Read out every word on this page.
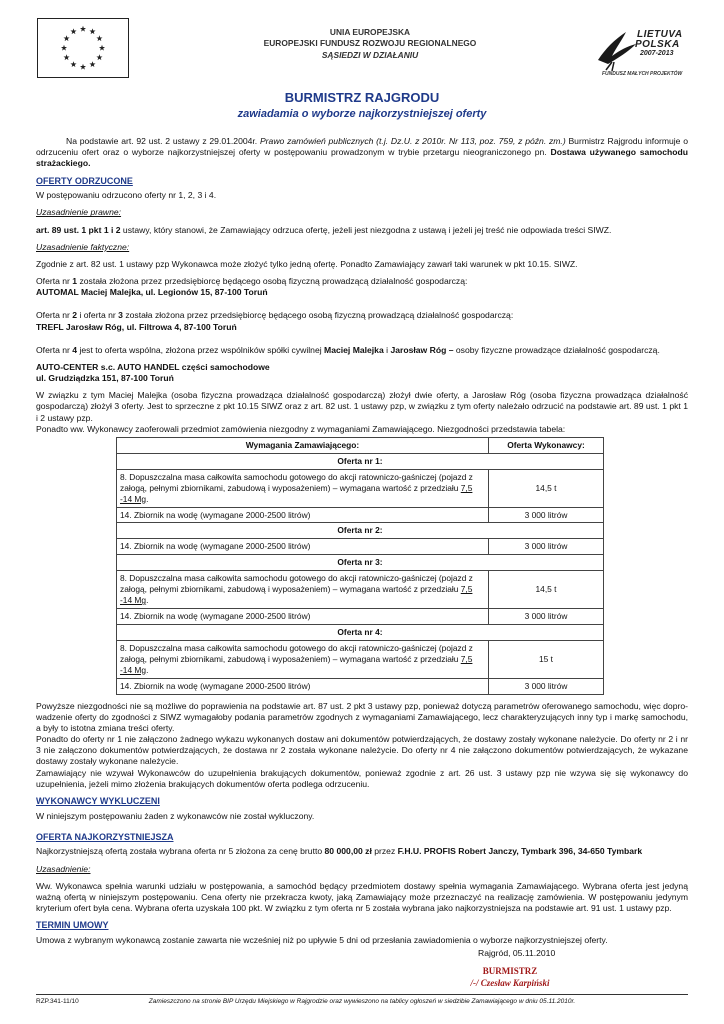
UNIA EUROPEJSKA
EUROPEJSKI FUNDUSZ ROZWOJU REGIONALNEGO
SĄSIEDZI W DZIAŁANIU
LIETUVA
POLSKA
2007-2013
FUNDUSZ MAŁYCH PROJEKTÓW
BURMISTRZ RAJGRODU
zawiadamia o wyborze najkorzystniejszej oferty

Na podstawie art. 92 ust. 2 ustawy z 29.01.2004r. Prawo zamówień publicznych (t.j. Dz.U. z 2010r. Nr 113, poz. 759, z późn. zm.) Burmistrz Rajgrodu informuje o odrzuceniu ofert oraz o wyborze najkorzystniejszej oferty w postępowaniu prowadzonym w trybie przetargu nieograniczonego pn. Dostawa używanego samochodu strażackiego.

OFERTY ODRZUCONE

W postępowaniu odrzucono oferty nr 1, 2, 3 i 4.

Uzasadnienie prawne:

art. 89 ust. 1 pkt 1 i 2 ustawy, który stanowi, że Zamawiający odrzuca ofertę, jeżeli jest niezgodna z ustawą i jeżeli jej treść nie odpowiada treści SIWZ.

Uzasadnienie faktyczne:

Zgodnie z art. 82 ust. 1 ustawy pzp Wykonawca może złożyć tylko jedną ofertę. Ponadto Zamawiający zawarł taki warunek w pkt 10.15. SIWZ.

Oferta nr 1 została złożona przez przedsiębiorcę będącego osobą fizyczną prowadzącą działalność gospodarczą:

AUTOMAL Maciej Malejka, ul. Legionów 15, 87-100 Toruń

Oferta nr 2 i oferta nr 3 została złożona przez przedsiębiorcę będącego osobą fizyczną prowadzącą działalność gospodarczą:

TREFL Jarosław Róg, ul. Filtrowa 4, 87-100 Toruń

Oferta nr 4 jest to oferta wspólna, złożona przez wspólników spółki cywilnej Maciej Malejka i Jarosław Róg – osoby fizyczne prowadzące działalność gospodarczą.

AUTO-CENTER s.c. AUTO HANDEL części samochodowe

ul. Grudziądzka 151, 87-100 Toruń

W związku z tym Maciej Malejka (osoba fizyczna prowadząca działalność gospodarczą) złożył dwie oferty, a Jarosław Róg (osoba fizyczna prowadząca działalność gospodarczą) złożył 3 oferty. Jest to sprzeczne z pkt 10.15 SIWZ oraz z art. 82 ust. 1 ustawy pzp, w związku z tym oferty należało odrzucić na podstawie art. 89 ust. 1 pkt 1 i 2 ustawy pzp.

Ponadto ww. Wykonawcy zaoferowali przedmiot zamówienia niezgodny z wymaganiami Zamawiającego. Niezgodności przedstawia tabela:

Wymagania Zamawiającego:	Oferta Wykonawcy:
Oferta nr 1:	
8. Dopuszczalna masa całkowita samochodu gotowego do akcji ratowniczo-gaśniczej (pojazd z załogą, pełnymi zbiornikami, zabudową i wyposażeniem) – wymagana wartość z przedziału 7,5 -14 Mg.	14,5 t
14. Zbiornik na wodę (wymagane 2000-2500 litrów)	3 000 litrów
Oferta nr 2:	
14. Zbiornik na wodę (wymagane 2000-2500 litrów)	3 000 litrów
Oferta nr 3:	
8. Dopuszczalna masa całkowita samochodu gotowego do akcji ratowniczo-gaśniczej (pojazd z załogą, pełnymi zbiornikami, zabudową i wyposażeniem) – wymagana wartość z przedziału 7,5 -14 Mg.	14,5 t
14. Zbiornik na wodę (wymagane 2000-2500 litrów)	3 000 litrów
Oferta nr 4:	
8. Dopuszczalna masa całkowita samochodu gotowego do akcji ratowniczo-gaśniczej (pojazd z załogą, pełnymi zbiornikami, zabudową i wyposażeniem) – wymagana wartość z przedziału 7,5 -14 Mg.	15 t
14. Zbiornik na wodę (wymagane 2000-2500 litrów)	3 000 litrów

Powyższe niezgodności nie są możliwe do poprawienia na podstawie art. 87 ust. 2 pkt 3 ustawy pzp, ponieważ dotyczą parametrów oferowanego samochodu, więc dopro-wadzenie oferty do zgodności z SIWZ wymagałoby podania parametrów zgodnych z wymaganiami Zamawiającego, lecz charakteryzujących inny typ i markę samochodu, a były to istotna zmiana treści oferty.

Ponadto do oferty nr 1 nie załączono żadnego wykazu wykonanych dostaw ani dokumentów potwierdzających, że dostawy zostały wykonane należycie. Do oferty nr 2 i nr 3 nie załączono dokumentów potwierdzających, że dostawa nr 2 została wykonane należycie. Do oferty nr 4 nie załączono dokumentów potwierdzających, że wykazane dostawy zostały wykonane należycie.

Zamawiający nie wzywał Wykonawców do uzupełnienia brakujących dokumentów, ponieważ zgodnie z art. 26 ust. 3 ustawy pzp nie wzywa się się wykonawcy do uzupełnienia, jeżeli mimo złożenia brakujących dokumentów oferta podlega odrzuceniu.

WYKONAWCY WYKLUCZENI

W niniejszym postępowaniu żaden z wykonawców nie został wykluczony.

OFERTA NAJKORZYSTNIEJSZA

Najkorzystniejszą ofertą została wybrana oferta nr 5 złożona za cenę brutto 80 000,00 zł przez F.H.U. PROFIS Robert Janczy, Tymbark 396, 34-650 Tymbark

Uzasadnienie:

Ww. Wykonawca spełnia warunki udziału w postępowania, a samochód będący przedmiotem dostawy spełnia wymagania Zamawiającego. Wybrana oferta jest jedyną ważną ofertą w niniejszym postępowaniu. Cena oferty nie przekracza kwoty, jaką Zamawiający może przeznaczyć na realizację zamówienia. W postępowaniu jedynym kryterium ofert była cena. Wybrana oferta uzyskała 100 pkt. W związku z tym oferta nr 5 została wybrana jako najkorzystniejsza na podstawie art. 91 ust. 1 ustawy pzp.

TERMIN UMOWY

Umowa z wybranym wykonawcą zostanie zawarta nie wcześniej niż po upływie 5 dni od przesłania zawiadomienia o wyborze najkorzystniejszej oferty.

Rajgród, 05.11.2010
BURMISTRZ
/-/ Czesław Karpiński
RZP.341-11/10	Zamieszczono na stronie BIP Urzędu Miejskiego w Rajgrodzie oraz wywieszono na tablicy ogłoszeń w siedzibie Zamawiającego w dniu 05.11.2010r.
